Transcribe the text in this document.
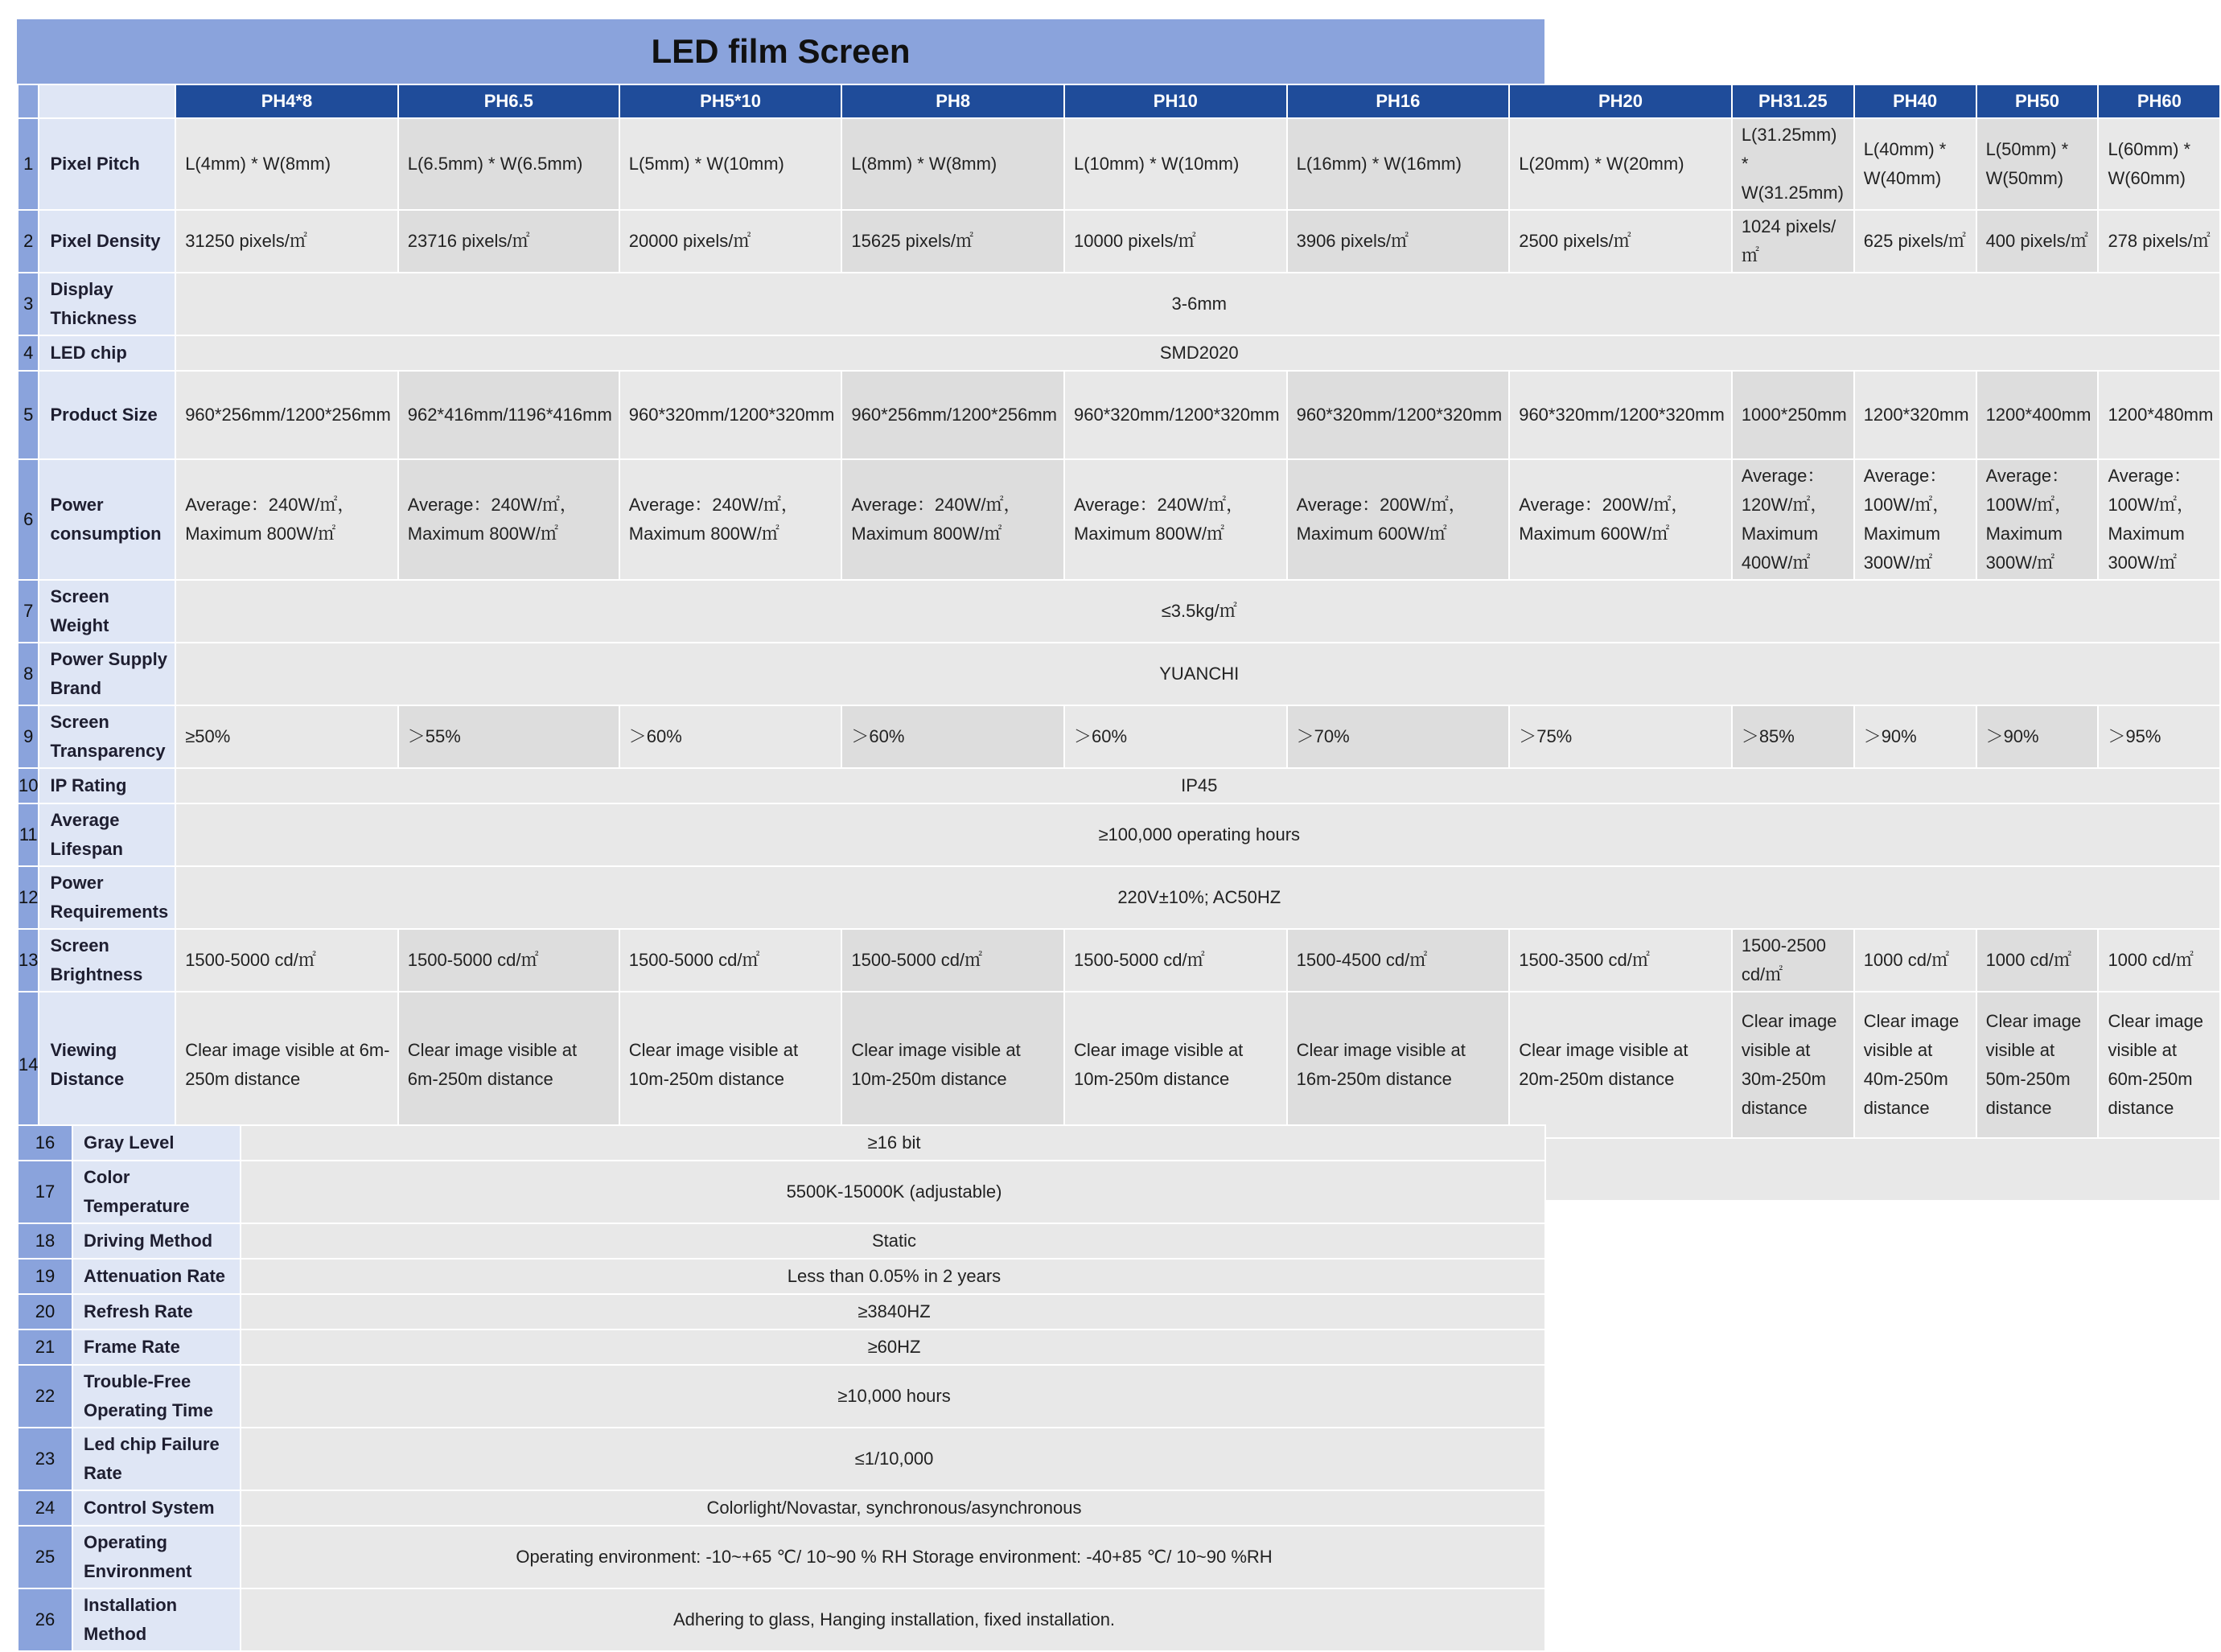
LED film Screen
		PH4*8	PH6.5	PH5*10	PH8	PH10	PH16	PH20	PH31.25	PH40	PH50	PH60
1	Pixel Pitch	L(4mm) * W(8mm)	L(6.5mm) * W(6.5mm)	L(5mm) * W(10mm)	L(8mm) * W(8mm)	L(10mm) * W(10mm)	L(16mm) * W(16mm)	L(20mm) * W(20mm)	L(31.25mm) * W(31.25mm)	L(40mm) * W(40mm)	L(50mm) * W(50mm)	L(60mm) * W(60mm)
2	Pixel Density	31250 pixels/㎡	23716 pixels/㎡	20000 pixels/㎡	15625 pixels/㎡	10000 pixels/㎡	3906 pixels/㎡	2500 pixels/㎡	1024 pixels/㎡	625 pixels/㎡	400 pixels/㎡	278 pixels/㎡
3	Display Thickness	3-6mm										
4	LED chip	SMD2020										
5	Product Size	960*256mm/1200*256mm	962*416mm/1196*416mm	960*320mm/1200*320mm	960*256mm/1200*256mm	960*320mm/1200*320mm	960*320mm/1200*320mm	960*320mm/1200*320mm	1000*250mm	1200*320mm	1200*400mm	1200*480mm
6	Power consumption	Average：240W/㎡，Maximum 800W/㎡	Average：240W/㎡，Maximum 800W/㎡	Average：240W/㎡，Maximum 800W/㎡	Average：240W/㎡，Maximum 800W/㎡	Average：240W/㎡，Maximum 800W/㎡	Average：200W/㎡，Maximum 600W/㎡	Average：200W/㎡，Maximum 600W/㎡	Average：120W/㎡，Maximum 400W/㎡	Average：100W/㎡，Maximum 300W/㎡	Average：100W/㎡，Maximum 300W/㎡	Average：100W/㎡，Maximum 300W/㎡
7	Screen Weight	≤3.5kg/㎡										
8	Power Supply Brand	YUANCHI										
9	Screen Transparency	≥50%	＞55%	＞60%	＞60%	＞60%	＞70%	＞75%	＞85%	＞90%	＞90%	＞95%
10	IP Rating	IP45										
11	Average Lifespan	≥100,000 operating hours										
12	Power Requirements	220V±10%; AC50HZ										
13	Screen Brightness	1500-5000 cd/㎡	1500-5000 cd/㎡	1500-5000 cd/㎡	1500-5000 cd/㎡	1500-5000 cd/㎡	1500-4500 cd/㎡	1500-3500 cd/㎡	1500-2500 cd/㎡	1000 cd/㎡	1000 cd/㎡	1000 cd/㎡
14	Viewing Distance	Clear image visible at 6m-250m distance	Clear image visible at 6m-250m distance	Clear image visible at 10m-250m distance	Clear image visible at 10m-250m distance	Clear image visible at 10m-250m distance	Clear image visible at 16m-250m distance	Clear image visible at 20m-250m distance	Clear image visible at 30m-250m distance	Clear image visible at 40m-250m distance	Clear image visible at 50m-250m distance	Clear image visible at 60m-250m distance

16	Gray Level	≥16 bit
17	Color Temperature	5500K-15000K (adjustable)
18	Driving Method	Static
19	Attenuation Rate	Less than 0.05% in 2 years
20	Refresh Rate	≥3840HZ
21	Frame Rate	≥60HZ
22	Trouble-Free Operating Time	≥10,000 hours
23	Led chip Failure Rate	≤1/10,000
24	Control System	Colorlight/Novastar, synchronous/asynchronous
25	Operating Environment	Operating environment: -10~+65 ℃/ 10~90 % RH Storage environment: -40+85 ℃/ 10~90 %RH
26	Installation Method	Adhering to glass, Hanging installation, fixed installation.
